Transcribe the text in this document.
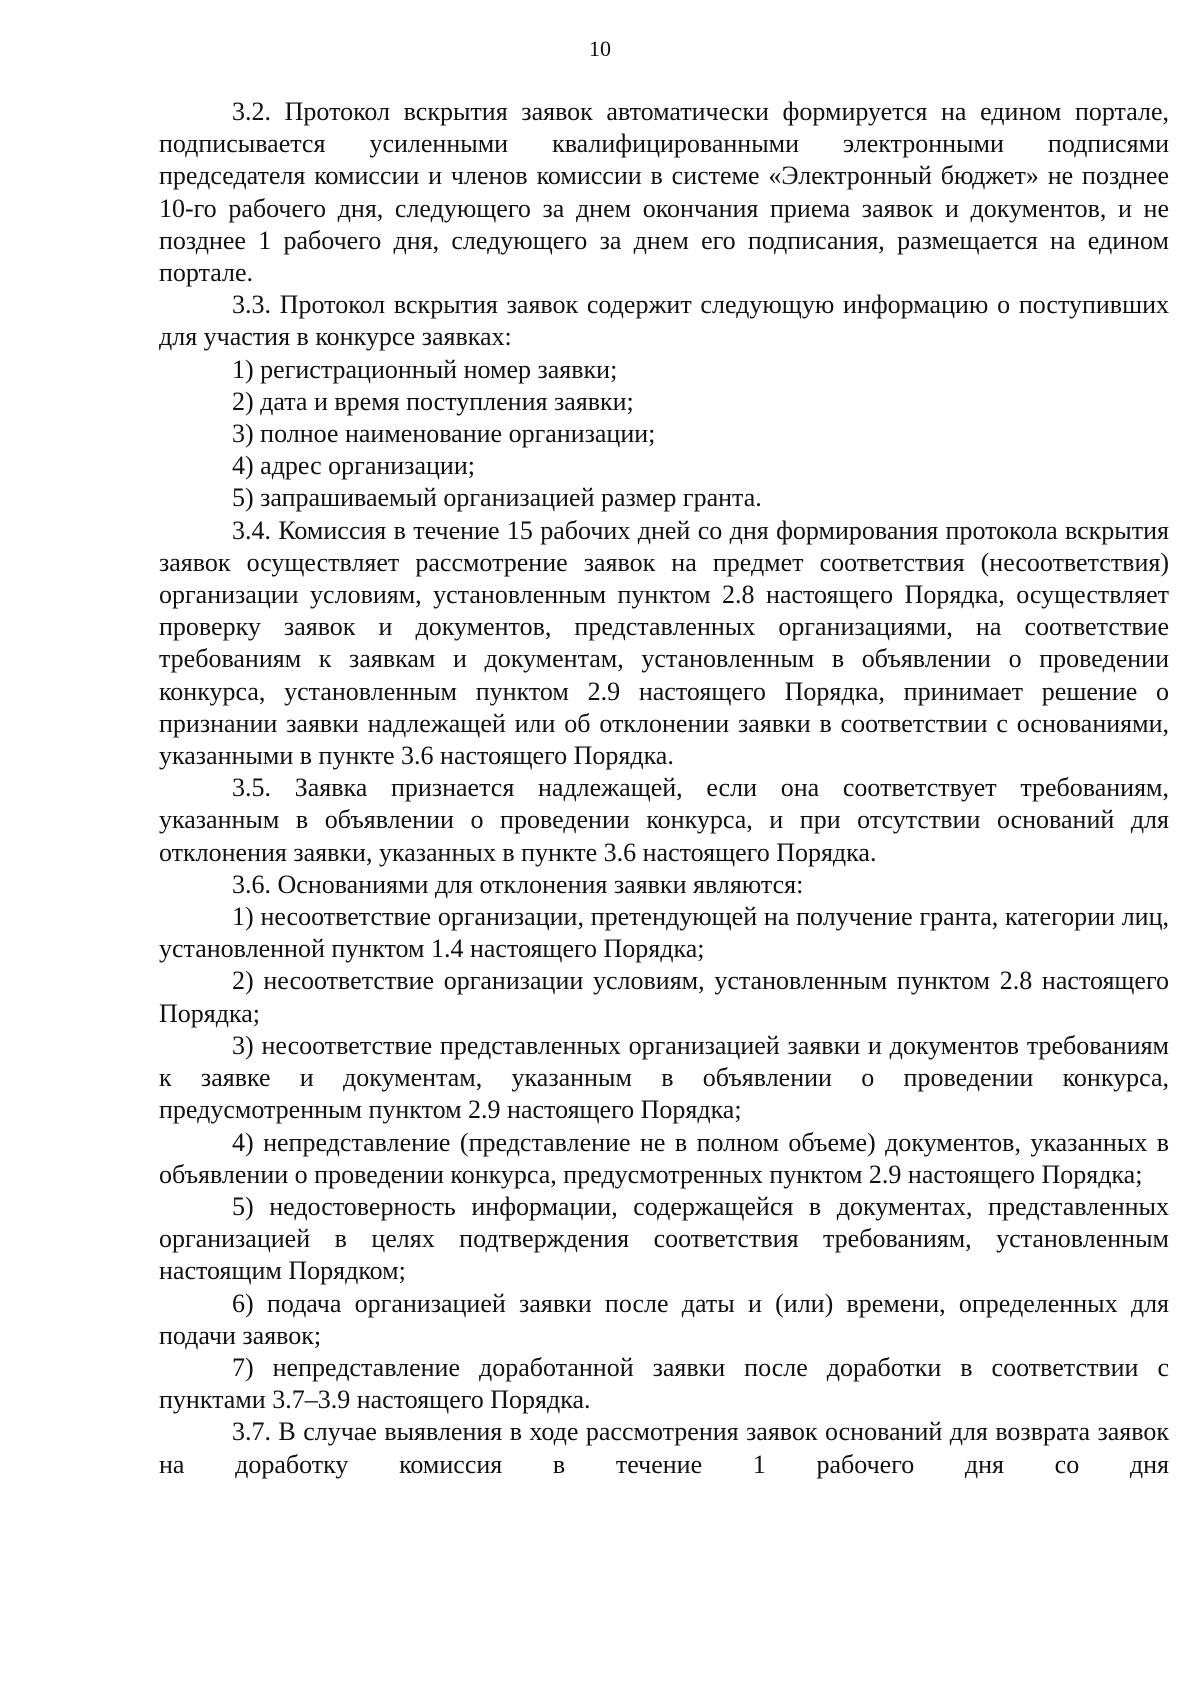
10

3.2. Протокол вскрытия заявок автоматически формируется на едином портале, подписывается усиленными квалифицированными электронными подписями председателя комиссии и членов комиссии в системе «Электронный бюджет» не позднее 10-го рабочего дня, следующего за днем окончания приема заявок и документов, и не позднее 1 рабочего дня, следующего за днем его подписания, размещается на едином портале.

3.3. Протокол вскрытия заявок содержит следующую информацию о поступивших для участия в конкурсе заявках:

1) регистрационный номер заявки;

2) дата и время поступления заявки;

3) полное наименование организации;

4) адрес организации;

5) запрашиваемый организацией размер гранта.

3.4. Комиссия в течение 15 рабочих дней со дня формирования протокола вскрытия заявок осуществляет рассмотрение заявок на предмет соответствия (несоответствия) организации условиям, установленным пунктом 2.8 настоящего Порядка, осуществляет проверку заявок и документов, представленных организациями, на соответствие требованиям к заявкам и документам, установленным в объявлении о проведении конкурса, установленным пунктом 2.9 настоящего Порядка, принимает решение о признании заявки надлежащей или об отклонении заявки в соответствии с основаниями, указанными в пункте 3.6 настоящего Порядка.

3.5. Заявка признается надлежащей, если она соответствует требованиям, указанным в объявлении о проведении конкурса, и при отсутствии оснований для отклонения заявки, указанных в пункте 3.6 настоящего Порядка.

3.6. Основаниями для отклонения заявки являются:

1) несоответствие организации, претендующей на получение гранта, категории лиц, установленной пунктом 1.4 настоящего Порядка;

2) несоответствие организации условиям, установленным пунктом 2.8 настоящего Порядка;

3) несоответствие представленных организацией заявки и документов требованиям к заявке и документам, указанным в объявлении о проведении конкурса, предусмотренным пунктом 2.9 настоящего Порядка;

4) непредставление (представление не в полном объеме) документов, указанных в объявлении о проведении конкурса, предусмотренных пунктом 2.9 настоящего Порядка;

5) недостоверность информации, содержащейся в документах, представленных организацией в целях подтверждения соответствия требованиям, установленным настоящим Порядком;

6) подача организацией заявки после даты и (или) времени, определенных для подачи заявок;

7) непредставление доработанной заявки после доработки в соответствии с пунктами 3.7–3.9 настоящего Порядка.

3.7. В случае выявления в ходе рассмотрения заявок оснований для возврата заявок на доработку комиссия в течение 1 рабочего дня со дня
